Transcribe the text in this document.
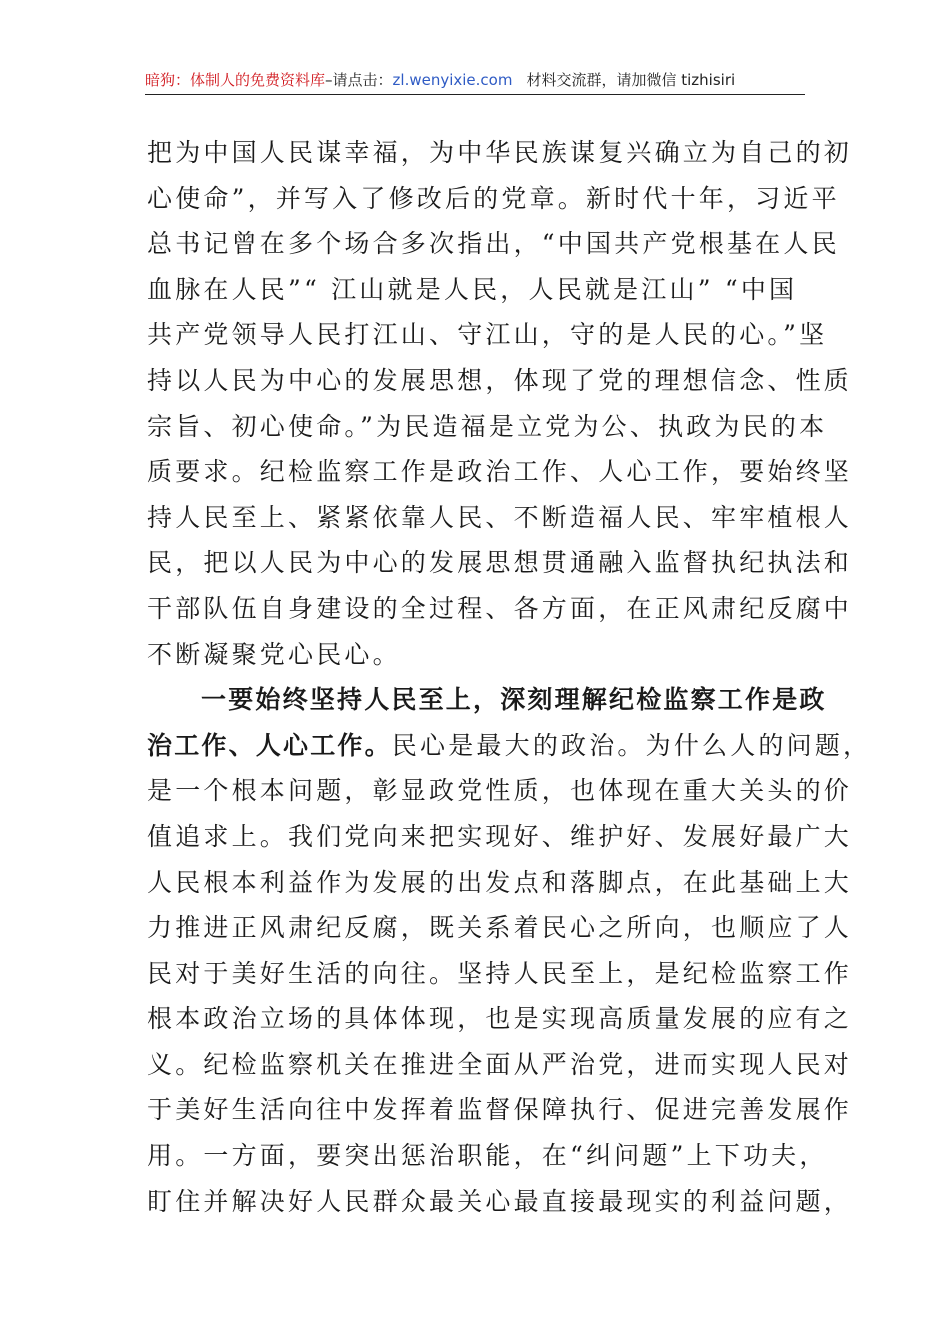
暗狗：体制人的免费资料库–请点击：zl.wenyixie.com 材料交流群，请加微信 tizhisiri
把为中国人民谋幸福，为中华民族谋复兴确立为自己的初
心使命”，并写入了修改后的党章。新时代十年，习近平
总书记曾在多个场合多次指出，“中国共产党根基在人民
血脉在人民”“ 江山就是人民，人民就是江山” “中国
共产党领导人民打江山、守江山，守的是人民的心。”坚
持以人民为中心的发展思想，体现了党的理想信念、性质
宗旨、初心使命。”为民造福是立党为公、执政为民的本
质要求。纪检监察工作是政治工作、人心工作，要始终坚
持人民至上、紧紧依靠人民、不断造福人民、牢牢植根人
民，把以人民为中心的发展思想贯通融入监督执纪执法和
干部队伍自身建设的全过程、各方面，在正风肃纪反腐中
不断凝聚党心民心。
一要始终坚持人民至上，深刻理解纪检监察工作是政
治工作、人心工作。民心是最大的政治。为什么人的问题，
是一个根本问题，彰显政党性质，也体现在重大关头的价
值追求上。我们党向来把实现好、维护好、发展好最广大
人民根本利益作为发展的出发点和落脚点，在此基础上大
力推进正风肃纪反腐，既关系着民心之所向，也顺应了人
民对于美好生活的向往。坚持人民至上，是纪检监察工作
根本政治立场的具体体现，也是实现高质量发展的应有之
义。纪检监察机关在推进全面从严治党，进而实现人民对
于美好生活向往中发挥着监督保障执行、促进完善发展作
用。一方面，要突出惩治职能，在“纠问题”上下功夫，
盯住并解决好人民群众最关心最直接最现实的利益问题，
